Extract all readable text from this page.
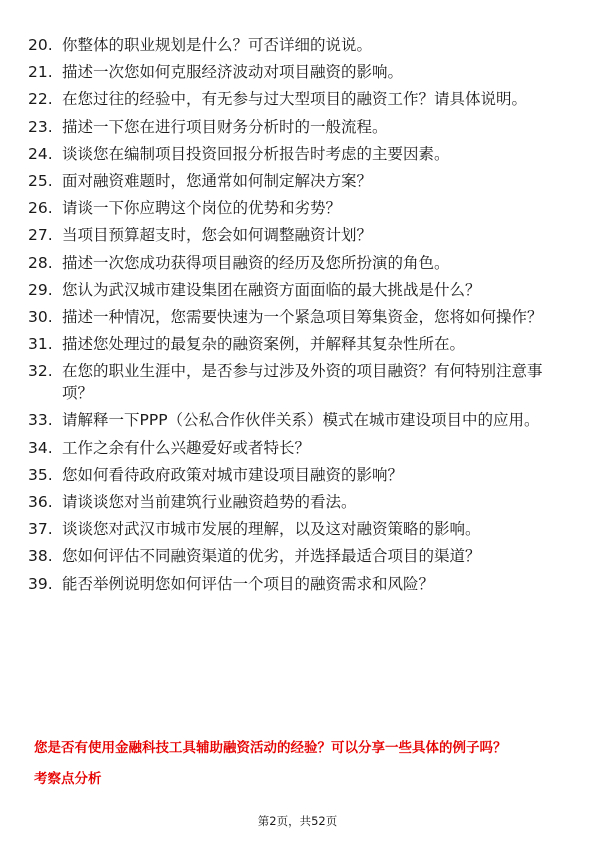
20. 你整体的职业规划是什么？可否详细的说说。
21. 描述一次您如何克服经济波动对项目融资的影响。
22. 在您过往的经验中，有无参与过大型项目的融资工作？请具体说明。
23. 描述一下您在进行项目财务分析时的一般流程。
24. 谈谈您在编制项目投资回报分析报告时考虑的主要因素。
25. 面对融资难题时，您通常如何制定解决方案？
26. 请谈一下你应聘这个岗位的优势和劣势？
27. 当项目预算超支时，您会如何调整融资计划？
28. 描述一次您成功获得项目融资的经历及您所扮演的角色。
29. 您认为武汉城市建设集团在融资方面面临的最大挑战是什么？
30. 描述一种情况，您需要快速为一个紧急项目筹集资金，您将如何操作？
31. 描述您处理过的最复杂的融资案例，并解释其复杂性所在。
32. 在您的职业生涯中，是否参与过涉及外资的项目融资？有何特别注意事项？
33. 请解释一下PPP（公私合作伙伴关系）模式在城市建设项目中的应用。
34. 工作之余有什么兴趣爱好或者特长？
35. 您如何看待政府政策对城市建设项目融资的影响？
36. 请谈谈您对当前建筑行业融资趋势的看法。
37. 谈谈您对武汉市城市发展的理解，以及这对融资策略的影响。
38. 您如何评估不同融资渠道的优劣，并选择最适合项目的渠道？
39. 能否举例说明您如何评估一个项目的融资需求和风险？
您是否有使用金融科技工具辅助融资活动的经验？可以分享一些具体的例子吗？
考察点分析
第2页，共52页
